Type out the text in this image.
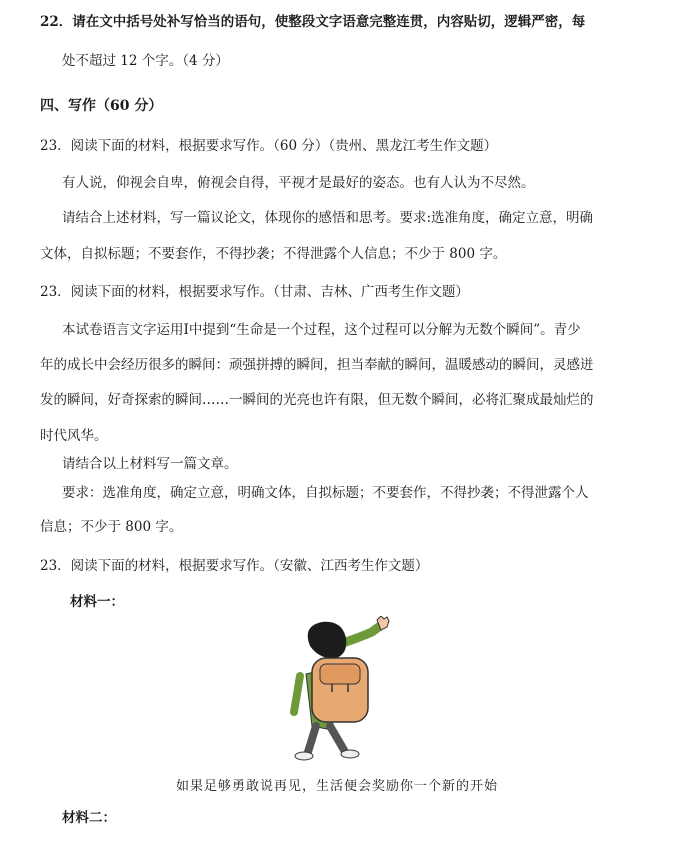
22．请在文中括号处补写恰当的语句，使整段文字语意完整连贯，内容贴切，逻辑严密，每
处不超过 12 个字。（4 分）
四、写作（60 分）
23．阅读下面的材料，根据要求写作。（60 分）（贵州、黑龙江考生作文题）
有人说，仰视会自卑，俯视会自得，平视才是最好的姿态。也有人认为不尽然。
请结合上述材料，写一篇议论文，体现你的感悟和思考。要求:选准角度，确定立意，明确
文体，自拟标题；不要套作，不得抄袭；不得泄露个人信息；不少于 800 字。
23．阅读下面的材料，根据要求写作。（甘肃、吉林、广西考生作文题）
本试卷语言文字运用Ⅰ中提到“生命是一个过程，这个过程可以分解为无数个瞬间”。青少
年的成长中会经历很多的瞬间：顽强拼搏的瞬间，担当奉献的瞬间，温暖感动的瞬间，灵感迸
发的瞬间，好奇探索的瞬间……一瞬间的光亮也许有限，但无数个瞬间，必将汇聚成最灿烂的
时代风华。
请结合以上材料写一篇文章。
要求：选准角度，确定立意，明确文体，自拟标题；不要套作，不得抄袭；不得泄露个人
信息；不少于 800 字。
23．阅读下面的材料，根据要求写作。（安徽、江西考生作文题）
材料一：
如果足够勇敢说再见，生活便会奖励你一个新的开始
材料二：
